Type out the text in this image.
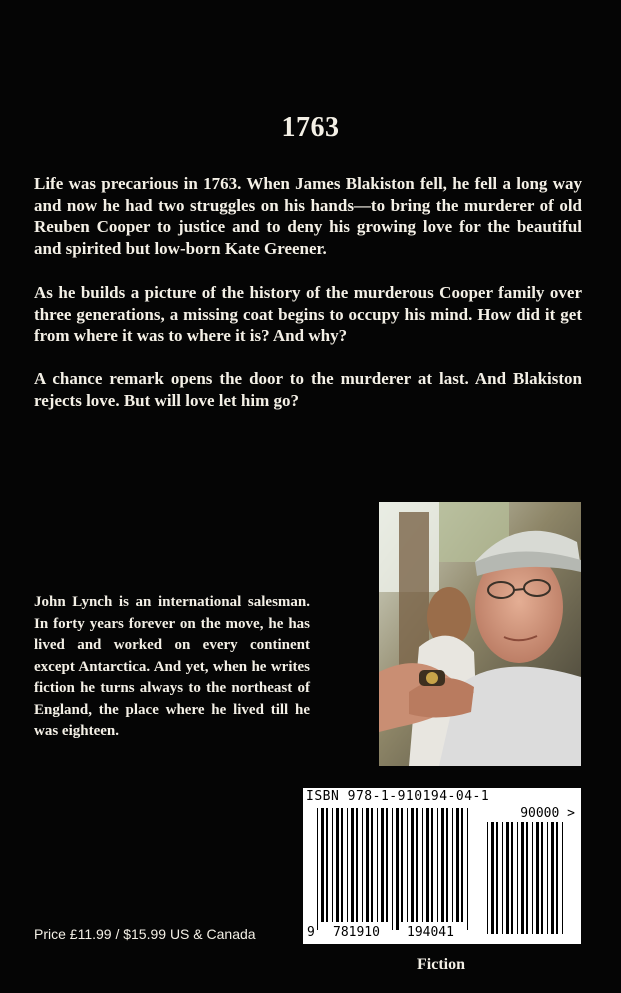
1763
Life was precarious in 1763. When James Blakiston fell, he fell a long way and now he had two struggles on his hands—to bring the murderer of old Reuben Cooper to justice and to deny his growing love for the beautiful and spirited but low-born Kate Greener.
As he builds a picture of the history of the murderous Cooper family over three generations, a missing coat begins to occupy his mind. How did it get from where it was to where it is? And why?
A chance remark opens the door to the murderer at last. And Blakiston rejects love. But will love let him go?
John Lynch is an international salesman. In forty years forever on the move, he has lived and worked on every continent except Antarctica. And yet, when he writes fiction he turns always to the northeast of England, the place where he lived till he was eighteen.
ISBN 978-1-910194-04-1
90000 >
9 781910 194041
Price £11.99 / $15.99 US & Canada
Fiction
